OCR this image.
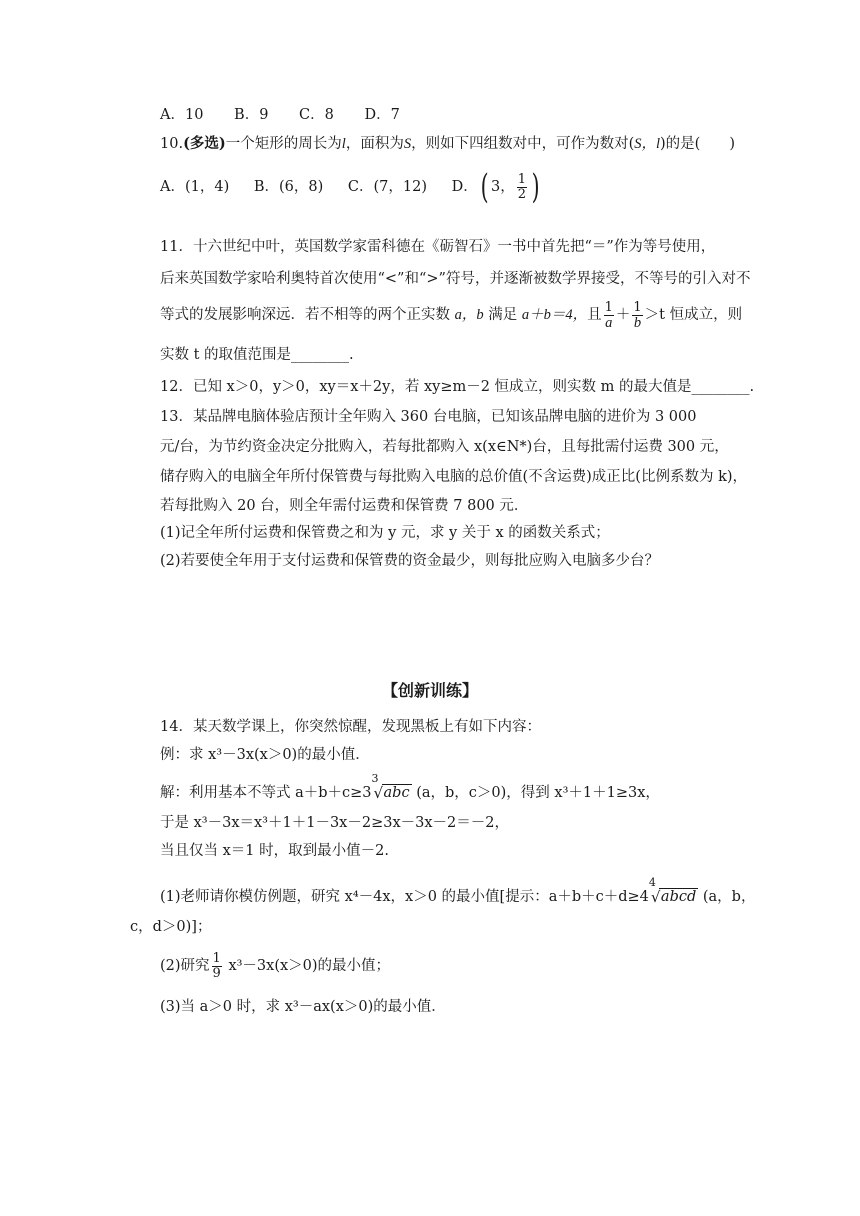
A．10 B．9 C．8 D．7
10.(多选)一个矩形的周长为l，面积为S，则如下四组数对中，可作为数对(S，l)的是(　　)
A．(1，4) B．(6，8) C．(7，12) D．( 3， $\frac{1}{2}$ )
11．十六世纪中叶，英国数学家雷科德在《砺智石》一书中首先把“＝”作为等号使用，
后来英国数学家哈利奥特首次使用“<”和“>”符号，并逐渐被数学界接受，不等号的引入对不
等式的发展影响深远．若不相等的两个正实数 a，b 满足 a＋b＝4，且 $\frac{1}{a} + \frac{1}{b} >t$ 恒成立，则
实数 t 的取值范围是________.
12．已知 x＞0，y＞0，xy＝x＋2y，若 xy≥m－2 恒成立，则实数 m 的最大值是________.
13．某品牌电脑体验店预计全年购入 360 台电脑，已知该品牌电脑的进价为 3 000
元/台，为节约资金决定分批购入，若每批都购入 x(x∈N*)台，且每批需付运费 300 元，
储存购入的电脑全年所付保管费与每批购入电脑的总价值(不含运费)成正比(比例系数为 k)，
若每批购入 20 台，则全年需付运费和保管费 7 800 元．
(1)记全年所付运费和保管费之和为 y 元，求 y 关于 x 的函数关系式；
(2)若要使全年用于支付运费和保管费的资金最少，则每批应购入电脑多少台？
【创新训练】
14．某天数学课上，你突然惊醒，发现黑板上有如下内容：
例：求 x³－3x(x＞0)的最小值．
解：利用基本不等式 a＋b＋c≥3
3
√ abc (a，b，c＞0)，得到 x³＋1＋1≥3x，
于是 x³－3x＝x³＋1＋1－3x－2≥3x－3x－2＝－2，
当且仅当 x＝1 时，取到最小值－2.
(1)老师请你模仿例题，研究 x⁴－4x，x＞0 的最小值[提示：a＋b＋c＋d≥4
4
√ abcd (a，b，
c，d＞0)]；
(2)研究 $\frac{1}{9} x^3-3x(x>0)$的最小值；
(3)当 a＞0 时，求 x³－ax(x＞0)的最小值．
